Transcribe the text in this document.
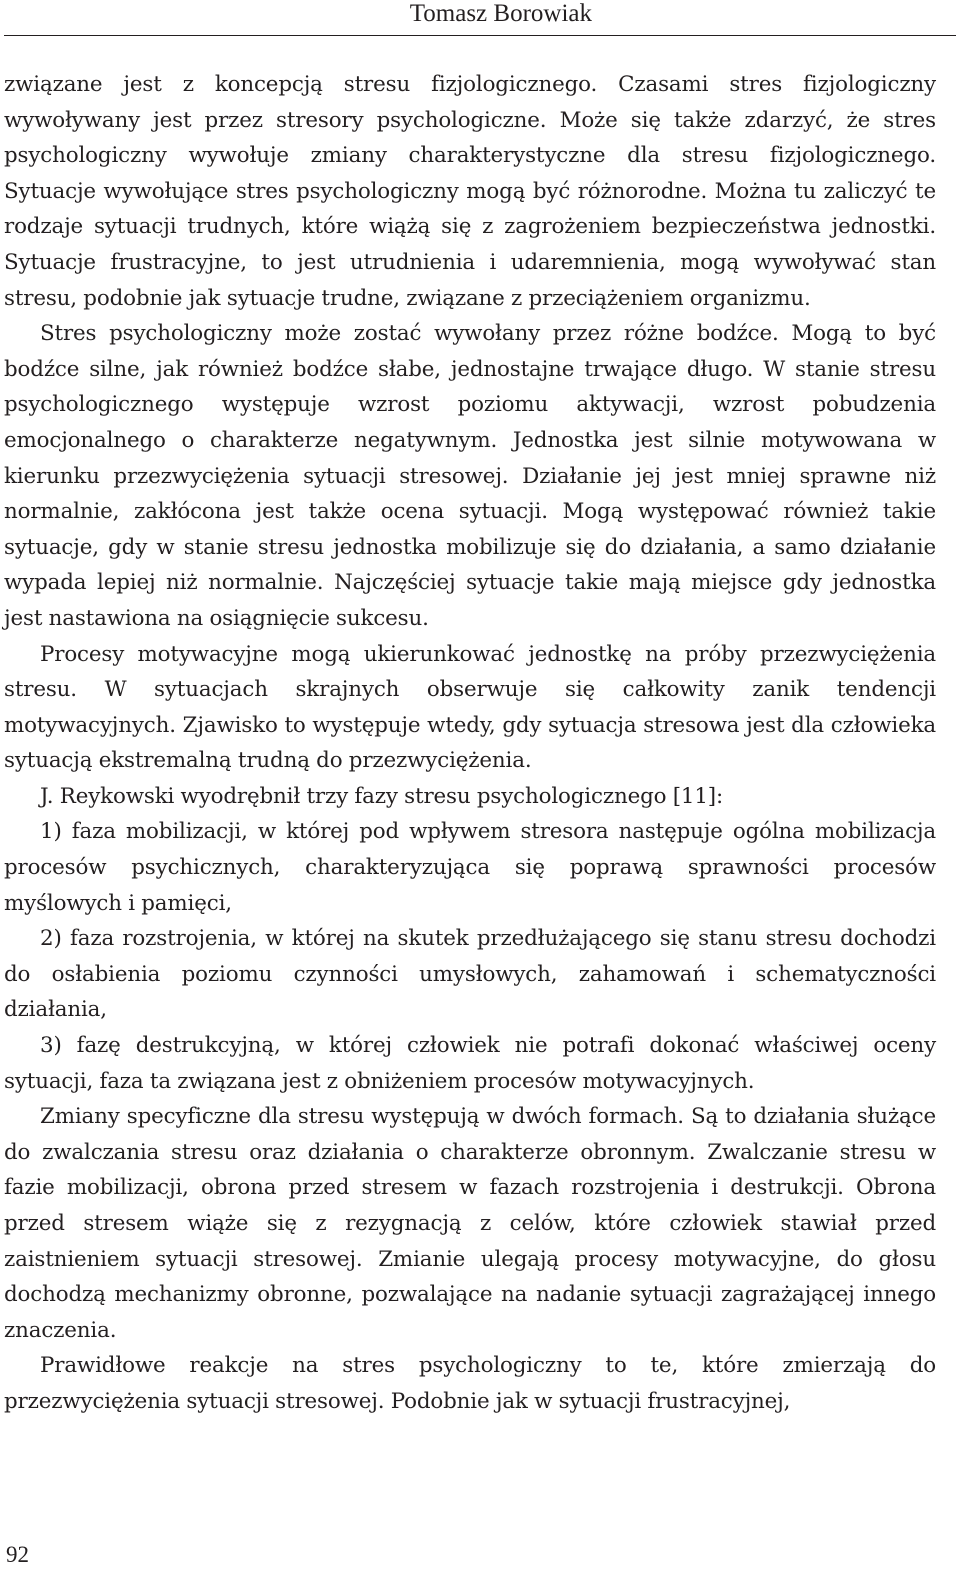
Tomasz Borowiak

związane jest z koncepcją stresu fizjologicznego. Czasami stres fizjologiczny wywoływany jest przez stresory psychologiczne. Może się także zdarzyć, że stres psychologiczny wywołuje zmiany charakterystyczne dla stresu fizjologicznego. Sytuacje wywołujące stres psychologiczny mogą być różnorodne. Można tu zaliczyć te rodzaje sytuacji trudnych, które wiążą się z zagrożeniem bezpieczeństwa jednostki. Sytuacje frustracyjne, to jest utrudnienia i udaremnienia, mogą wywoływać stan stresu, podobnie jak sytuacje trudne, związane z przeciążeniem organizmu.

Stres psychologiczny może zostać wywołany przez różne bodźce. Mogą to być bodźce silne, jak również bodźce słabe, jednostajne trwające długo. W stanie stresu psychologicznego występuje wzrost poziomu aktywacji, wzrost pobudzenia emocjonalnego o charakterze negatywnym. Jednostka jest silnie motywowana w kierunku przezwyciężenia sytuacji stresowej. Działanie jej jest mniej sprawne niż normalnie, zakłócona jest także ocena sytuacji. Mogą występować również takie sytuacje, gdy w stanie stresu jednostka mobilizuje się do działania, a samo działanie wypada lepiej niż normalnie. Najczęściej sytuacje takie mają miejsce gdy jednostka jest nastawiona na osiągnięcie sukcesu.

Procesy motywacyjne mogą ukierunkować jednostkę na próby przezwyciężenia stresu. W sytuacjach skrajnych obserwuje się całkowity zanik tendencji motywacyjnych. Zjawisko to występuje wtedy, gdy sytuacja stresowa jest dla człowieka sytuacją ekstremalną trudną do przezwyciężenia.

J. Reykowski wyodrębnił trzy fazy stresu psychologicznego [11]:

1) faza mobilizacji, w której pod wpływem stresora następuje ogólna mobilizacja procesów psychicznych, charakteryzująca się poprawą sprawności procesów myślowych i pamięci,

2) faza rozstrojenia, w której na skutek przedłużającego się stanu stresu dochodzi do osłabienia poziomu czynności umysłowych, zahamowań i schematyczności działania,

3) fazę destrukcyjną, w której człowiek nie potrafi dokonać właściwej oceny sytuacji, faza ta związana jest z obniżeniem procesów motywacyjnych.

Zmiany specyficzne dla stresu występują w dwóch formach. Są to działania służące do zwalczania stresu oraz działania o charakterze obronnym. Zwalczanie stresu w fazie mobilizacji, obrona przed stresem w fazach rozstrojenia i destrukcji. Obrona przed stresem wiąże się z rezygnacją z celów, które człowiek stawiał przed zaistnieniem sytuacji stresowej. Zmianie ulegają procesy motywacyjne, do głosu dochodzą mechanizmy obronne, pozwalające na nadanie sytuacji zagrażającej innego znaczenia.

Prawidłowe reakcje na stres psychologiczny to te, które zmierzają do przezwyciężenia sytuacji stresowej. Podobnie jak w sytuacji frustracyjnej,

92
